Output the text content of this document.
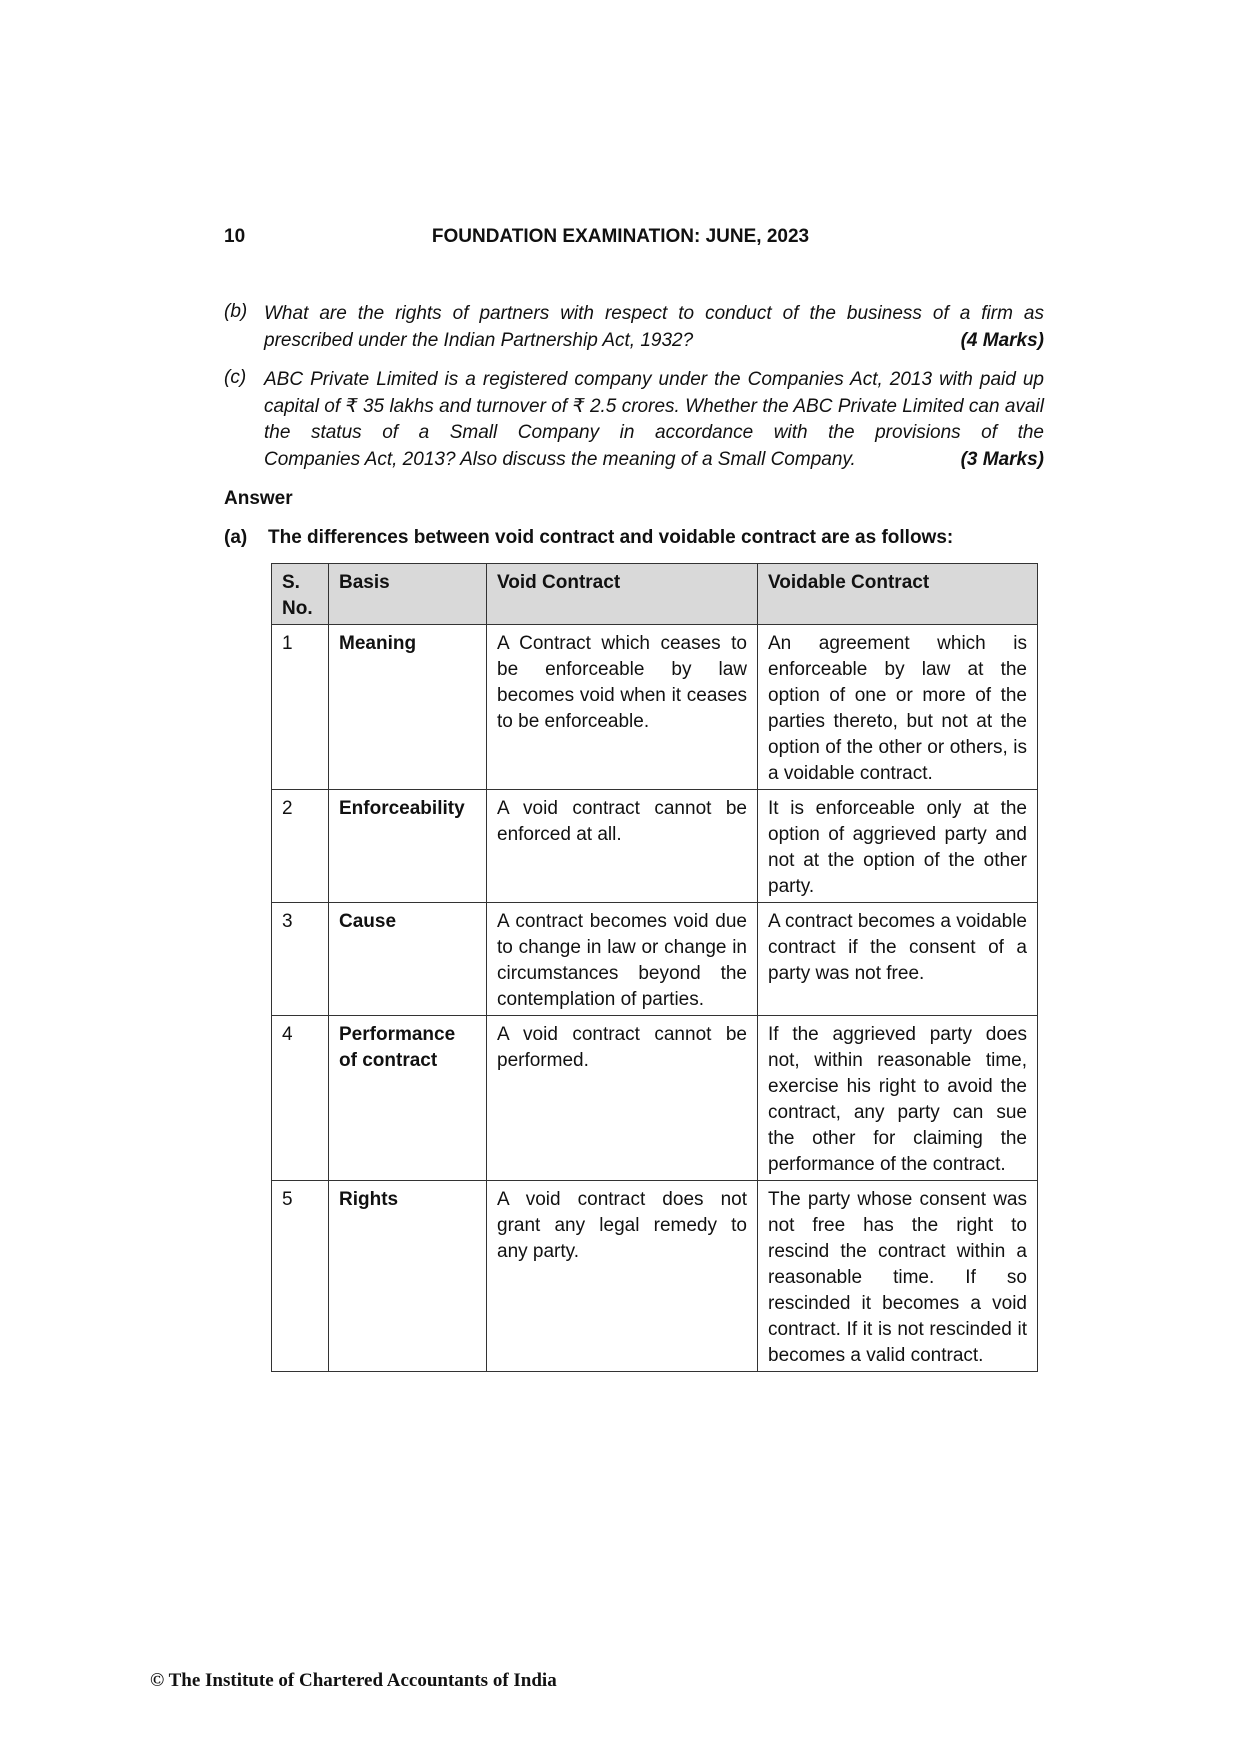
10	FOUNDATION EXAMINATION: JUNE, 2023
(b) What are the rights of partners with respect to conduct of the business of a firm as
prescribed under the Indian Partnership Act, 1932?	(4 Marks)
(c) ABC Private Limited is a registered company under the Companies Act, 2013 with paid up capital of ₹ 35 lakhs and turnover of ₹ 2.5 crores. Whether the ABC Private Limited can avail the status of a Small Company in accordance with the provisions of the
Companies Act, 2013? Also discuss the meaning of a Small Company.	(3 Marks)
Answer
(a) The differences between void contract and voidable contract are as follows:
S. No.	Basis	Void Contract	Voidable Contract
1	Meaning	A Contract which ceases to be enforceable by law becomes void when it ceases to be enforceable.	An agreement which is enforceable by law at the option of one or more of the parties thereto, but not at the option of the other or others, is a voidable contract.
2	Enforceability	A void contract cannot be enforced at all.	It is enforceable only at the option of aggrieved party and not at the option of the other party.
3	Cause	A contract becomes void due to change in law or change in circumstances beyond the contemplation of parties.	A contract becomes a voidable contract if the consent of a party was not free.
4	Performance of contract	A void contract cannot be performed.	If the aggrieved party does not, within reasonable time, exercise his right to avoid the contract, any party can sue the other for claiming the performance of the contract.
5	Rights	A void contract does not grant any legal remedy to any party.	The party whose consent was not free has the right to rescind the contract within a reasonable time. If so rescinded it becomes a void contract. If it is not rescinded it becomes a valid contract.
© The Institute of Chartered Accountants of India
